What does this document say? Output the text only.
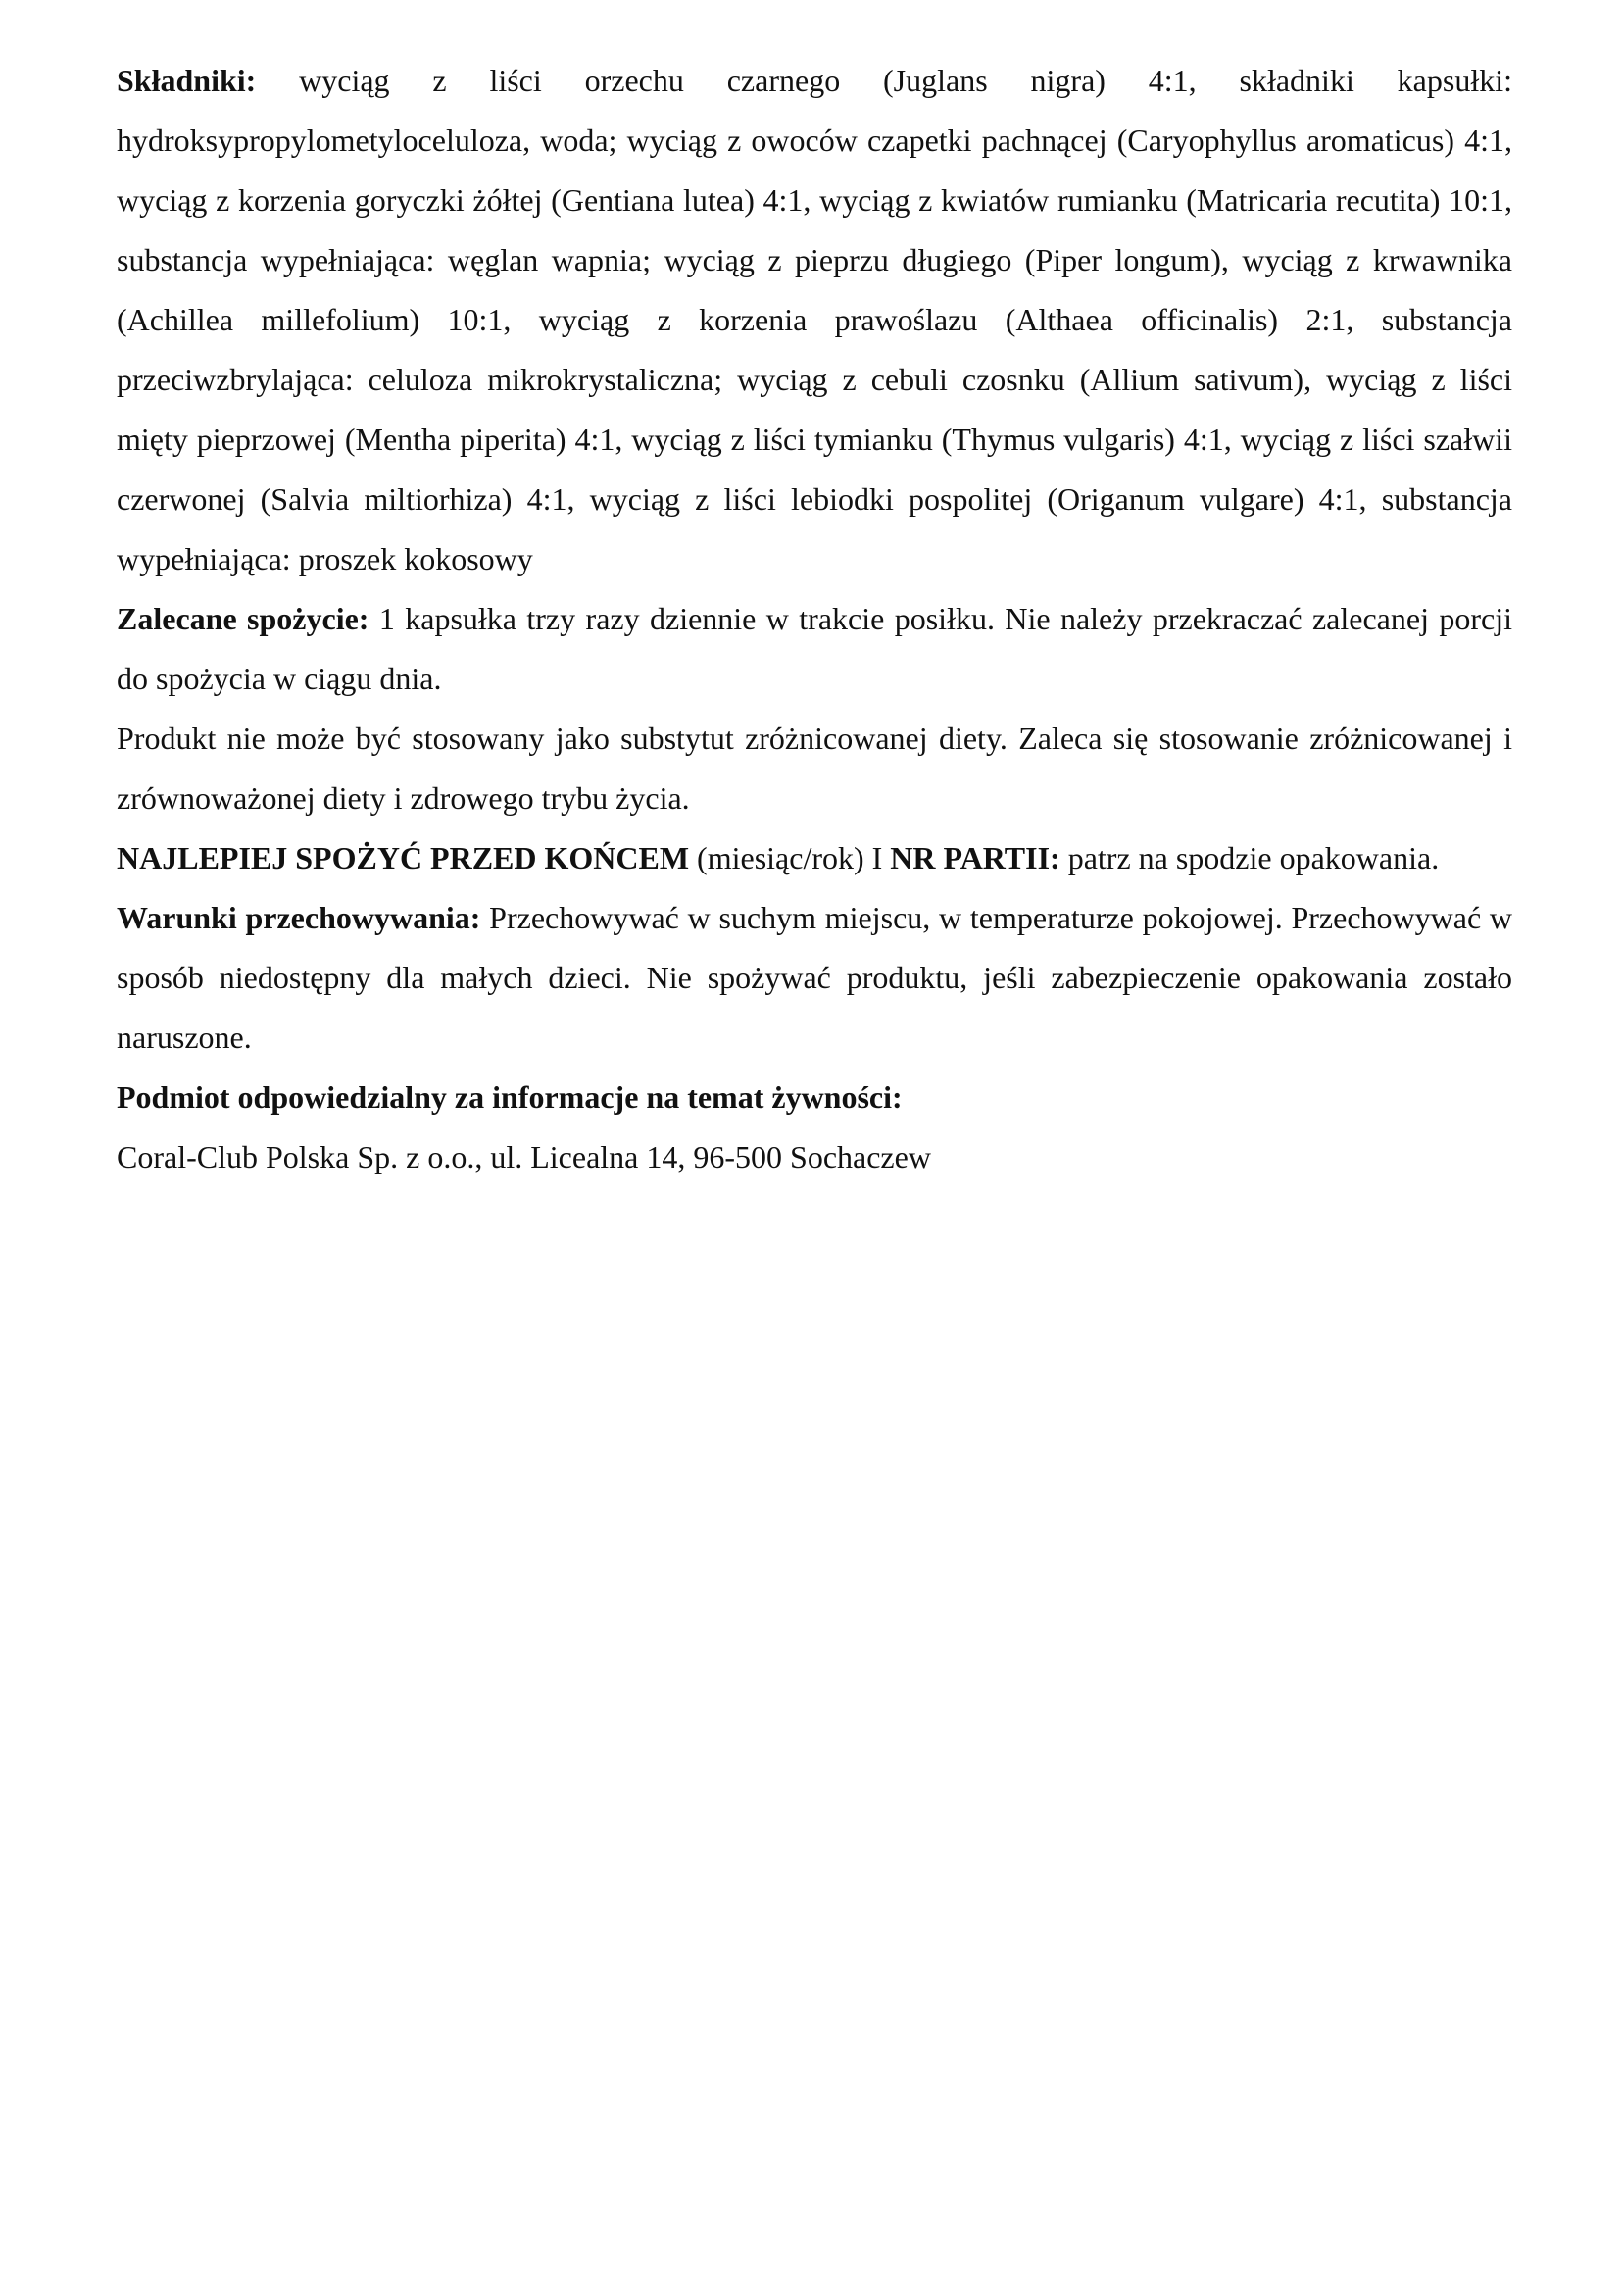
Składniki: wyciąg z liści orzechu czarnego (Juglans nigra) 4:1, składniki kapsułki: hydroksypropylometyloceluloza, woda; wyciąg z owoców czapetki pachnącej (Caryophyllus aromaticus) 4:1, wyciąg z korzenia goryczki żółtej (Gentiana lutea) 4:1, wyciąg z kwiatów rumianku (Matricaria recutita) 10:1, substancja wypełniająca: węglan wapnia; wyciąg z pieprzu długiego (Piper longum), wyciąg z krwawnika (Achillea millefolium) 10:1, wyciąg z korzenia prawoślazu (Althaea officinalis) 2:1, substancja przeciwzbrylająca: celuloza mikrokrystaliczna; wyciąg z cebuli czosnku (Allium sativum), wyciąg z liści mięty pieprzowej (Mentha piperita) 4:1, wyciąg z liści tymianku (Thymus vulgaris) 4:1, wyciąg z liści szałwii czerwonej (Salvia miltiorhiza) 4:1, wyciąg z liści lebiodki pospolitej (Origanum vulgare) 4:1, substancja wypełniająca: proszek kokosowy

Zalecane spożycie: 1 kapsułka trzy razy dziennie w trakcie posiłku. Nie należy przekraczać zalecanej porcji do spożycia w ciągu dnia.

Produkt nie może być stosowany jako substytut zróżnicowanej diety. Zaleca się stosowanie zróżnicowanej i zrównoważonej diety i zdrowego trybu życia.

NAJLEPIEJ SPOŻYĆ PRZED KOŃCEM (miesiąc/rok) I NR PARTII: patrz na spodzie opakowania.

Warunki przechowywania: Przechowywać w suchym miejscu, w temperaturze pokojowej. Przechowywać w sposób niedostępny dla małych dzieci. Nie spożywać produktu, jeśli zabezpieczenie opakowania zostało naruszone.

Podmiot odpowiedzialny za informacje na temat żywności:

Coral-Club Polska Sp. z o.o., ul. Licealna 14, 96-500 Sochaczew
